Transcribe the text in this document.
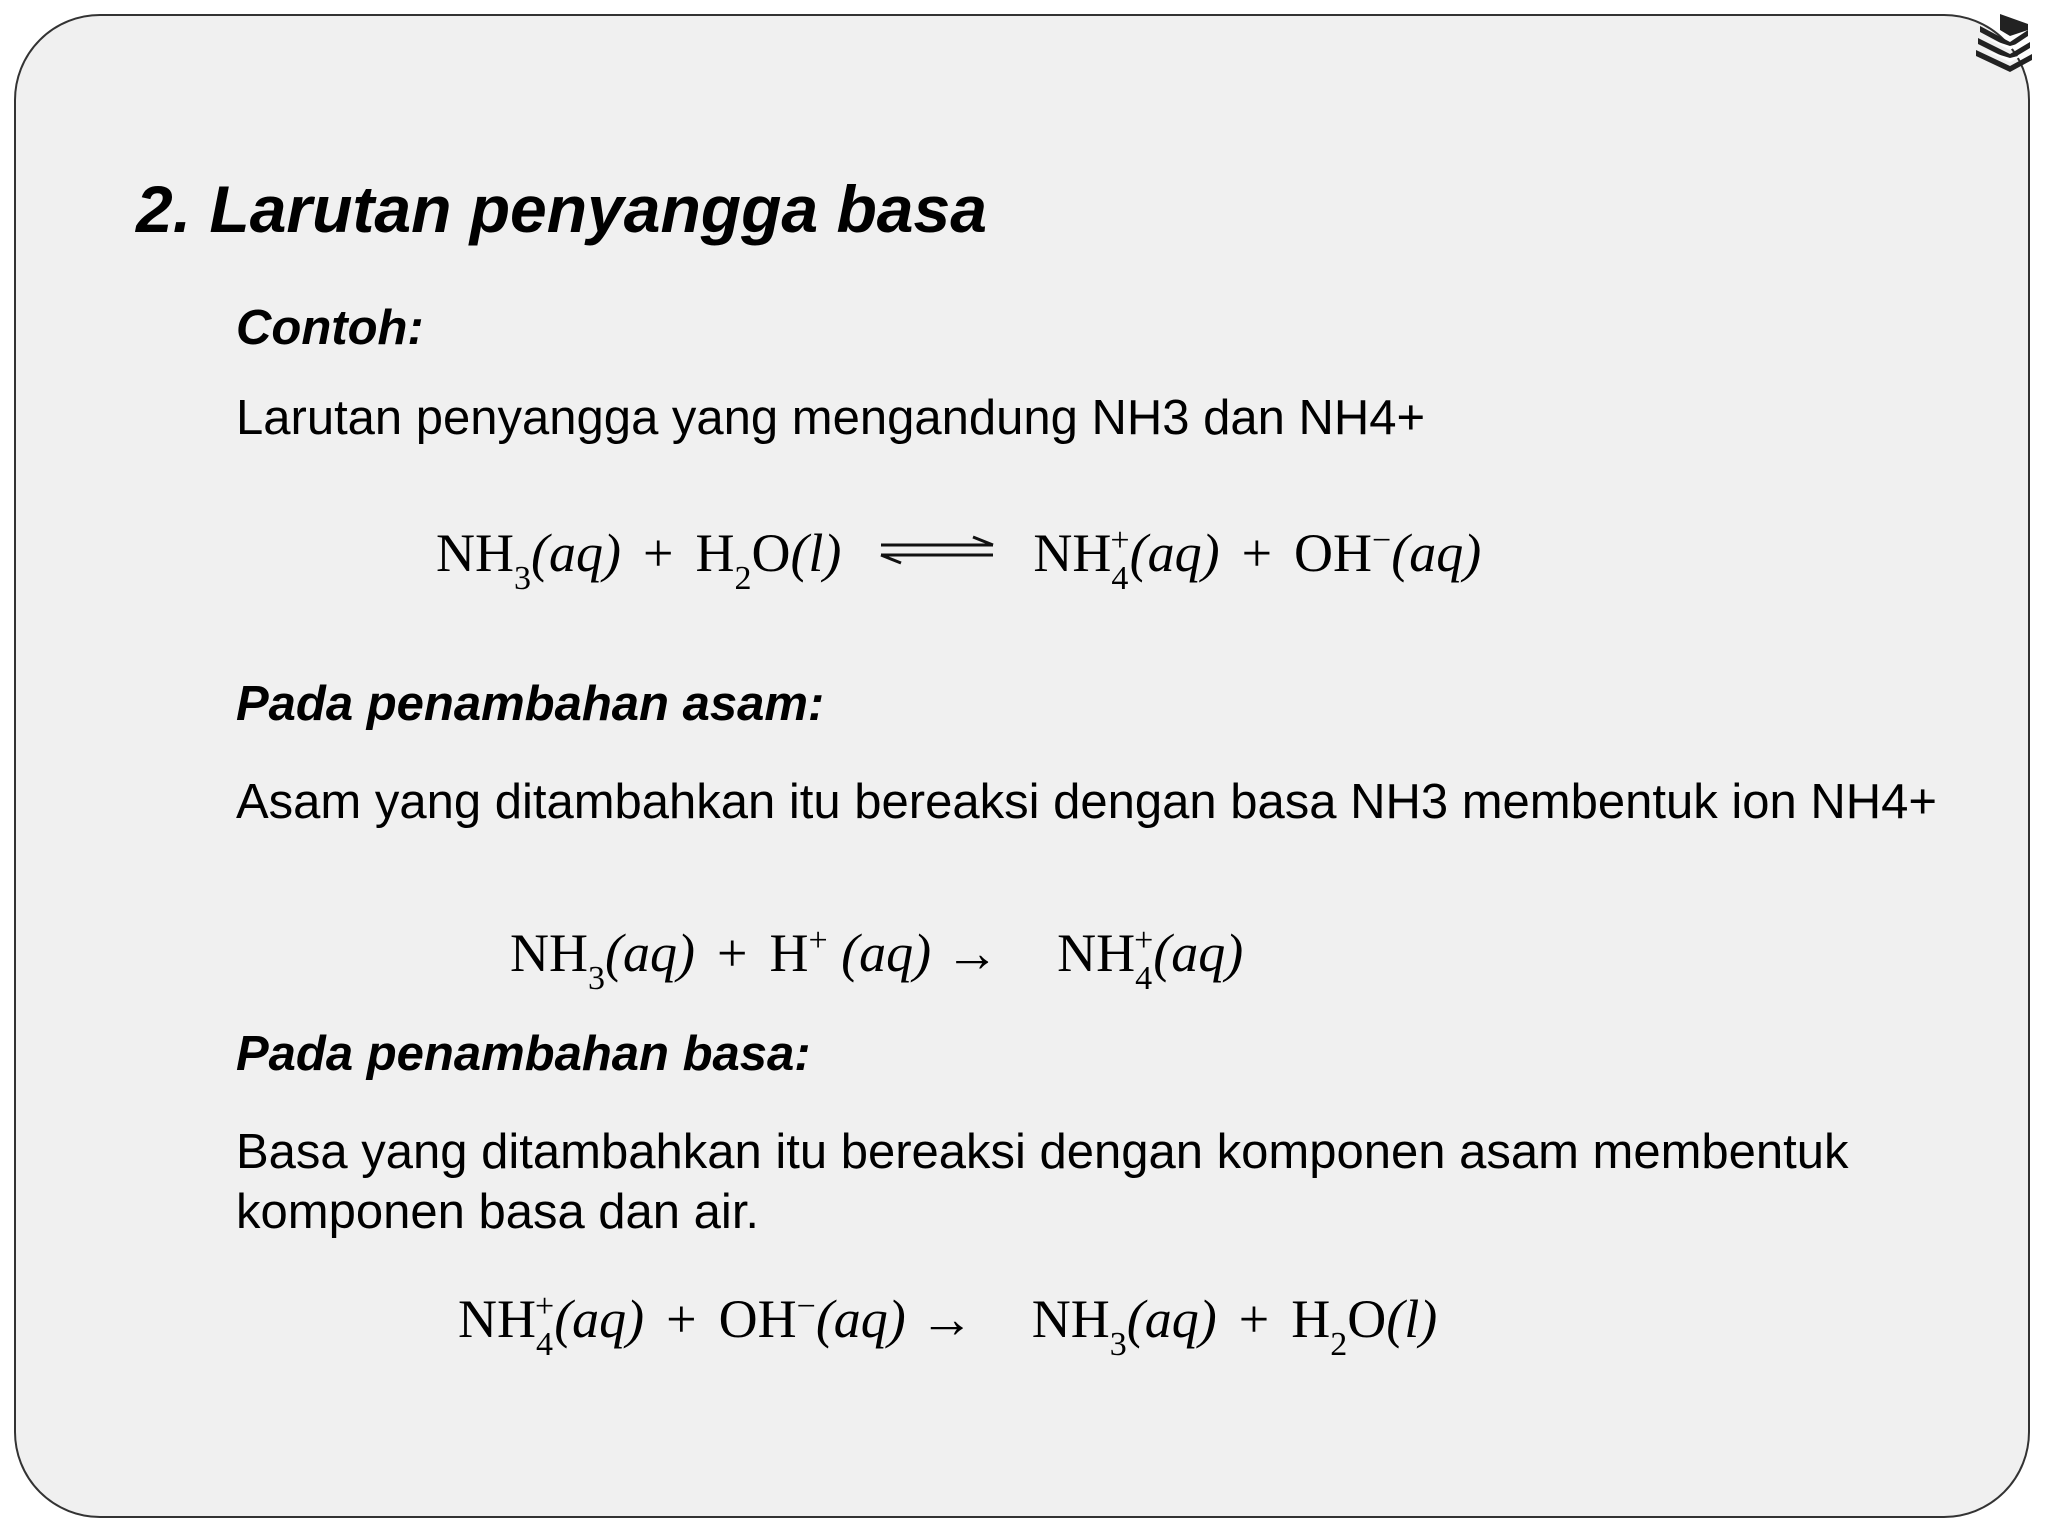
2. Larutan penyangga basa
Contoh:
Larutan penyangga yang mengandung NH3 dan NH4+
NH 3 (aq) + H 2 O (l) ⇌ NH 4
+ (aq) + OH − (aq)
Pada penambahan asam:
Asam yang ditambahkan itu bereaksi dengan basa NH3 membentuk ion NH4+
NH 3 (aq) + H +
(aq) → NH 4
+ (aq)
Pada penambahan basa:
Basa yang ditambahkan itu bereaksi dengan komponen asam membentuk komponen basa dan air.
NH 4
+ (aq) + OH − (aq) → NH 3 (aq) + H 2 O (l)
